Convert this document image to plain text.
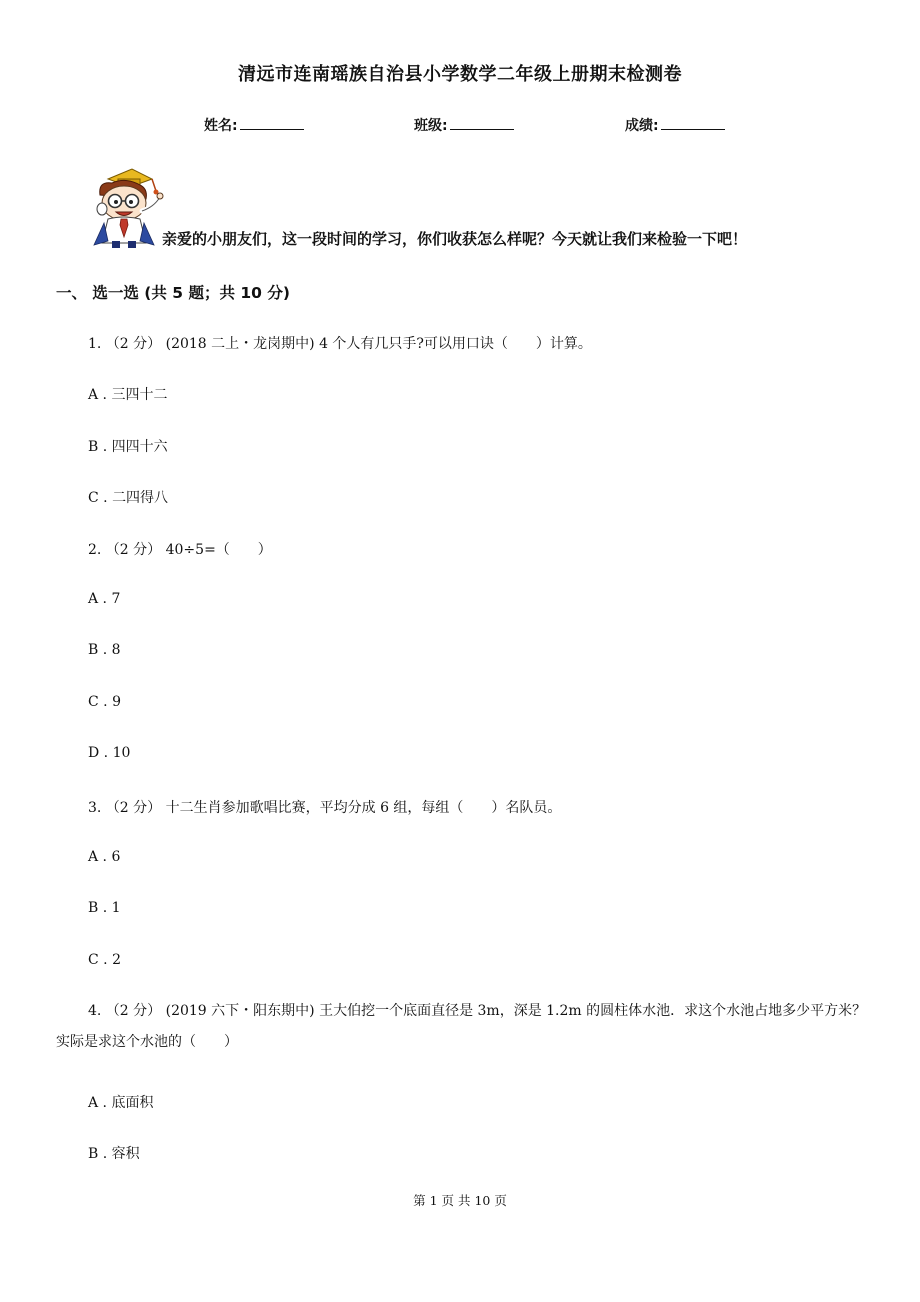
清远市连南瑶族自治县小学数学二年级上册期末检测卷
姓名:	班级:	成绩:
亲爱的小朋友们，这一段时间的学习，你们收获怎么样呢？今天就让我们来检验一下吧！
一、 选一选 (共 5 题；共 10 分)
1. （2 分） (2018 二上・龙岗期中) 4 个人有几只手?可以用口诀（　　）计算。
A . 三四十二
B . 四四十六
C . 二四得八
2. （2 分） 40÷5=（　　）
A . 7
B . 8
C . 9
D . 10
3. （2 分） 十二生肖参加歌唱比赛，平均分成 6 组，每组（　　）名队员。
A . 6
B . 1
C . 2
4. （2 分） (2019 六下・阳东期中) 王大伯挖一个底面直径是 3m，深是 1.2m 的圆柱体水池．求这个水池占地多少平方米？实际是求这个水池的（　　）
A . 底面积
B . 容积
第 1 页 共 10 页
